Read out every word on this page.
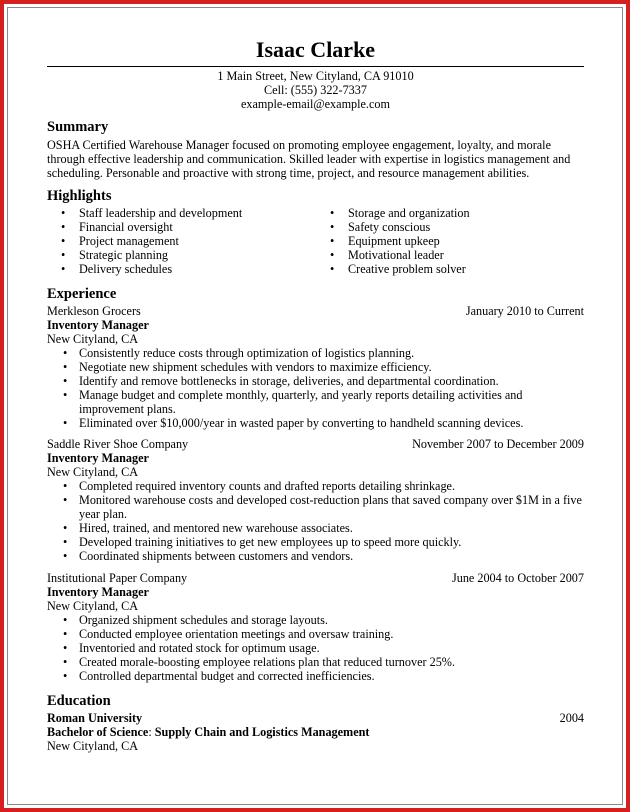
Isaac Clarke
1 Main Street, New Cityland, CA 91010
Cell: (555) 322-7337
example-email@example.com
Summary
OSHA Certified Warehouse Manager focused on promoting employee engagement, loyalty, and morale
through effective leadership and communication. Skilled leader with expertise in logistics management and
scheduling. Personable and proactive with strong time, project, and resource management abilities.
Highlights
• Staff leadership and development
• Financial oversight
• Project management
• Strategic planning
• Delivery schedules
• Storage and organization
• Safety conscious
• Equipment upkeep
• Motivational leader
• Creative problem solver
Experience
Merkleson Grocers	January 2010 to Current
Inventory Manager
New Cityland, CA
• Consistently reduce costs through optimization of logistics planning.
• Negotiate new shipment schedules with vendors to maximize efficiency.
• Identify and remove bottlenecks in storage, deliveries, and departmental coordination.
• Manage budget and complete monthly, quarterly, and yearly reports detailing activities and improvement plans.
• Eliminated over $10,000/year in wasted paper by converting to handheld scanning devices.
Saddle River Shoe Company	November 2007 to December 2009
Inventory Manager
New Cityland, CA
• Completed required inventory counts and drafted reports detailing shrinkage.
• Monitored warehouse costs and developed cost-reduction plans that saved company over $1M in a five year plan.
• Hired, trained, and mentored new warehouse associates.
• Developed training initiatives to get new employees up to speed more quickly.
• Coordinated shipments between customers and vendors.
Institutional Paper Company	June 2004 to October 2007
Inventory Manager
New Cityland, CA
• Organized shipment schedules and storage layouts.
• Conducted employee orientation meetings and oversaw training.
• Inventoried and rotated stock for optimum usage.
• Created morale-boosting employee relations plan that reduced turnover 25%.
• Controlled departmental budget and corrected inefficiencies.
Education
Roman University	2004
Bachelor of Science: Supply Chain and Logistics Management
New Cityland, CA
